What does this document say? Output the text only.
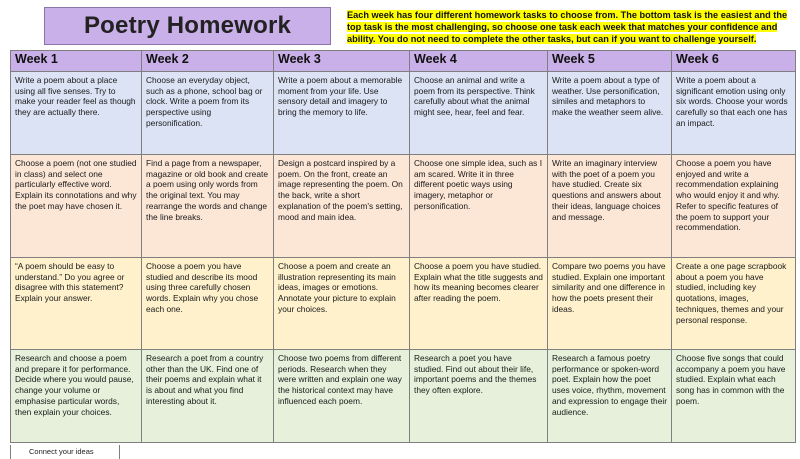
Poetry Homework	Each week has four different homework tasks to choose from. The bottom task is the easiest and the top task is the most challenging, so choose one task each week that matches your confidence and ability. You do not need to complete the other tasks, but can if you want to challenge yourself.
Week 1	Week 2	Week 3	Week 4	Week 5	Week 6
Write a poem about a place using all five senses. Try to make your reader feel as though they are actually there.	Choose an everyday object, such as a phone, school bag or clock. Write a poem from its perspective using personification.	Write a poem about a memorable moment from your life. Use sensory detail and imagery to bring the memory to life.	Choose an animal and write a poem from its perspective. Think carefully about what the animal might see, hear, feel and fear.	Write a poem about a type of weather. Use personification, similes and metaphors to make the weather seem alive.	Write a poem about a significant emotion using only six words. Choose your words carefully so that each one has an impact.
Choose a poem (not one studied in class) and select one particularly effective word. Explain its connotations and why the poet may have chosen it.	Find a page from a newspaper, magazine or old book and create a poem using only words from the original text. You may rearrange the words and change the line breaks.	Design a postcard inspired by a poem. On the front, create an image representing the poem. On the back, write a short explanation of the poem's setting, mood and main idea.	Choose one simple idea, such as I am scared. Write it in three different poetic ways using imagery, metaphor or personification.	Write an imaginary interview with the poet of a poem you have studied. Create six questions and answers about their ideas, language choices and message.	Choose a poem you have enjoyed and write a recommendation explaining who would enjoy it and why. Refer to specific features of the poem to support your recommendation.
“A poem should be easy to understand.” Do you agree or disagree with this statement? Explain your answer.	Choose a poem you have studied and describe its mood using three carefully chosen words. Explain why you chose each one.	Choose a poem and create an illustration representing its main ideas, images or emotions. Annotate your picture to explain your choices.	Choose a poem you have studied. Explain what the title suggests and how its meaning becomes clearer after reading the poem.	Compare two poems you have studied. Explain one important similarity and one difference in how the poets present their ideas.	Create a one page scrapbook about a poem you have studied, including key quotations, images, techniques, themes and your personal response.
Research and choose a poem and prepare it for performance. Decide where you would pause, change your volume or emphasise particular words, then explain your choices.	Research a poet from a country other than the UK. Find one of their poems and explain what it is about and what you find interesting about it.	Choose two poems from different periods. Research when they were written and explain one way the historical context may have influenced each poem.	Research a poet you have studied. Find out about their life, important poems and the themes they often explore.	Research a famous poetry performance or spoken-word poet. Explain how the poet uses voice, rhythm, movement and expression to engage their audience.	Choose five songs that could accompany a poem you have studied. Explain what each song has in common with the poem.
Connect your ideas
